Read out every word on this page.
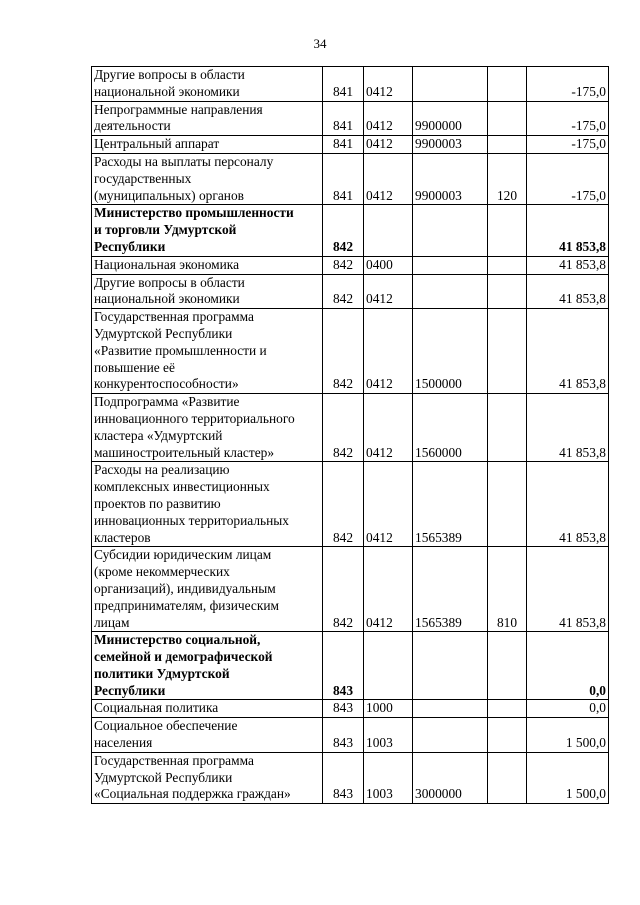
34
Другие вопросы в области
национальной экономики	841	0412			-175,0
Непрограммные направления
деятельности	841	0412	9900000		-175,0
Центральный аппарат	841	0412	9900003		-175,0
Расходы на выплаты персоналу
государственных
(муниципальных) органов	841	0412	9900003	120	-175,0
Министерство промышленности
и торговли Удмуртской
Республики	842				41 853,8
Национальная экономика	842	0400			41 853,8
Другие вопросы в области
национальной экономики	842	0412			41 853,8
Государственная программа
Удмуртской Республики
«Развитие промышленности и
повышение её
конкурентоспособности»	842	0412	1500000		41 853,8
Подпрограмма «Развитие
инновационного территориального
кластера «Удмуртский
машиностроительный кластер»	842	0412	1560000		41 853,8
Расходы на реализацию
комплексных инвестиционных
проектов по развитию
инновационных территориальных
кластеров	842	0412	1565389		41 853,8
Субсидии юридическим лицам
(кроме некоммерческих
организаций), индивидуальным
предпринимателям, физическим
лицам	842	0412	1565389	810	41 853,8
Министерство социальной,
семейной и демографической
политики Удмуртской
Республики	843				0,0
Социальная политика	843	1000			0,0
Социальное обеспечение
населения	843	1003			1 500,0
Государственная программа
Удмуртской Республики
«Социальная поддержка граждан»	843	1003	3000000		1 500,0
